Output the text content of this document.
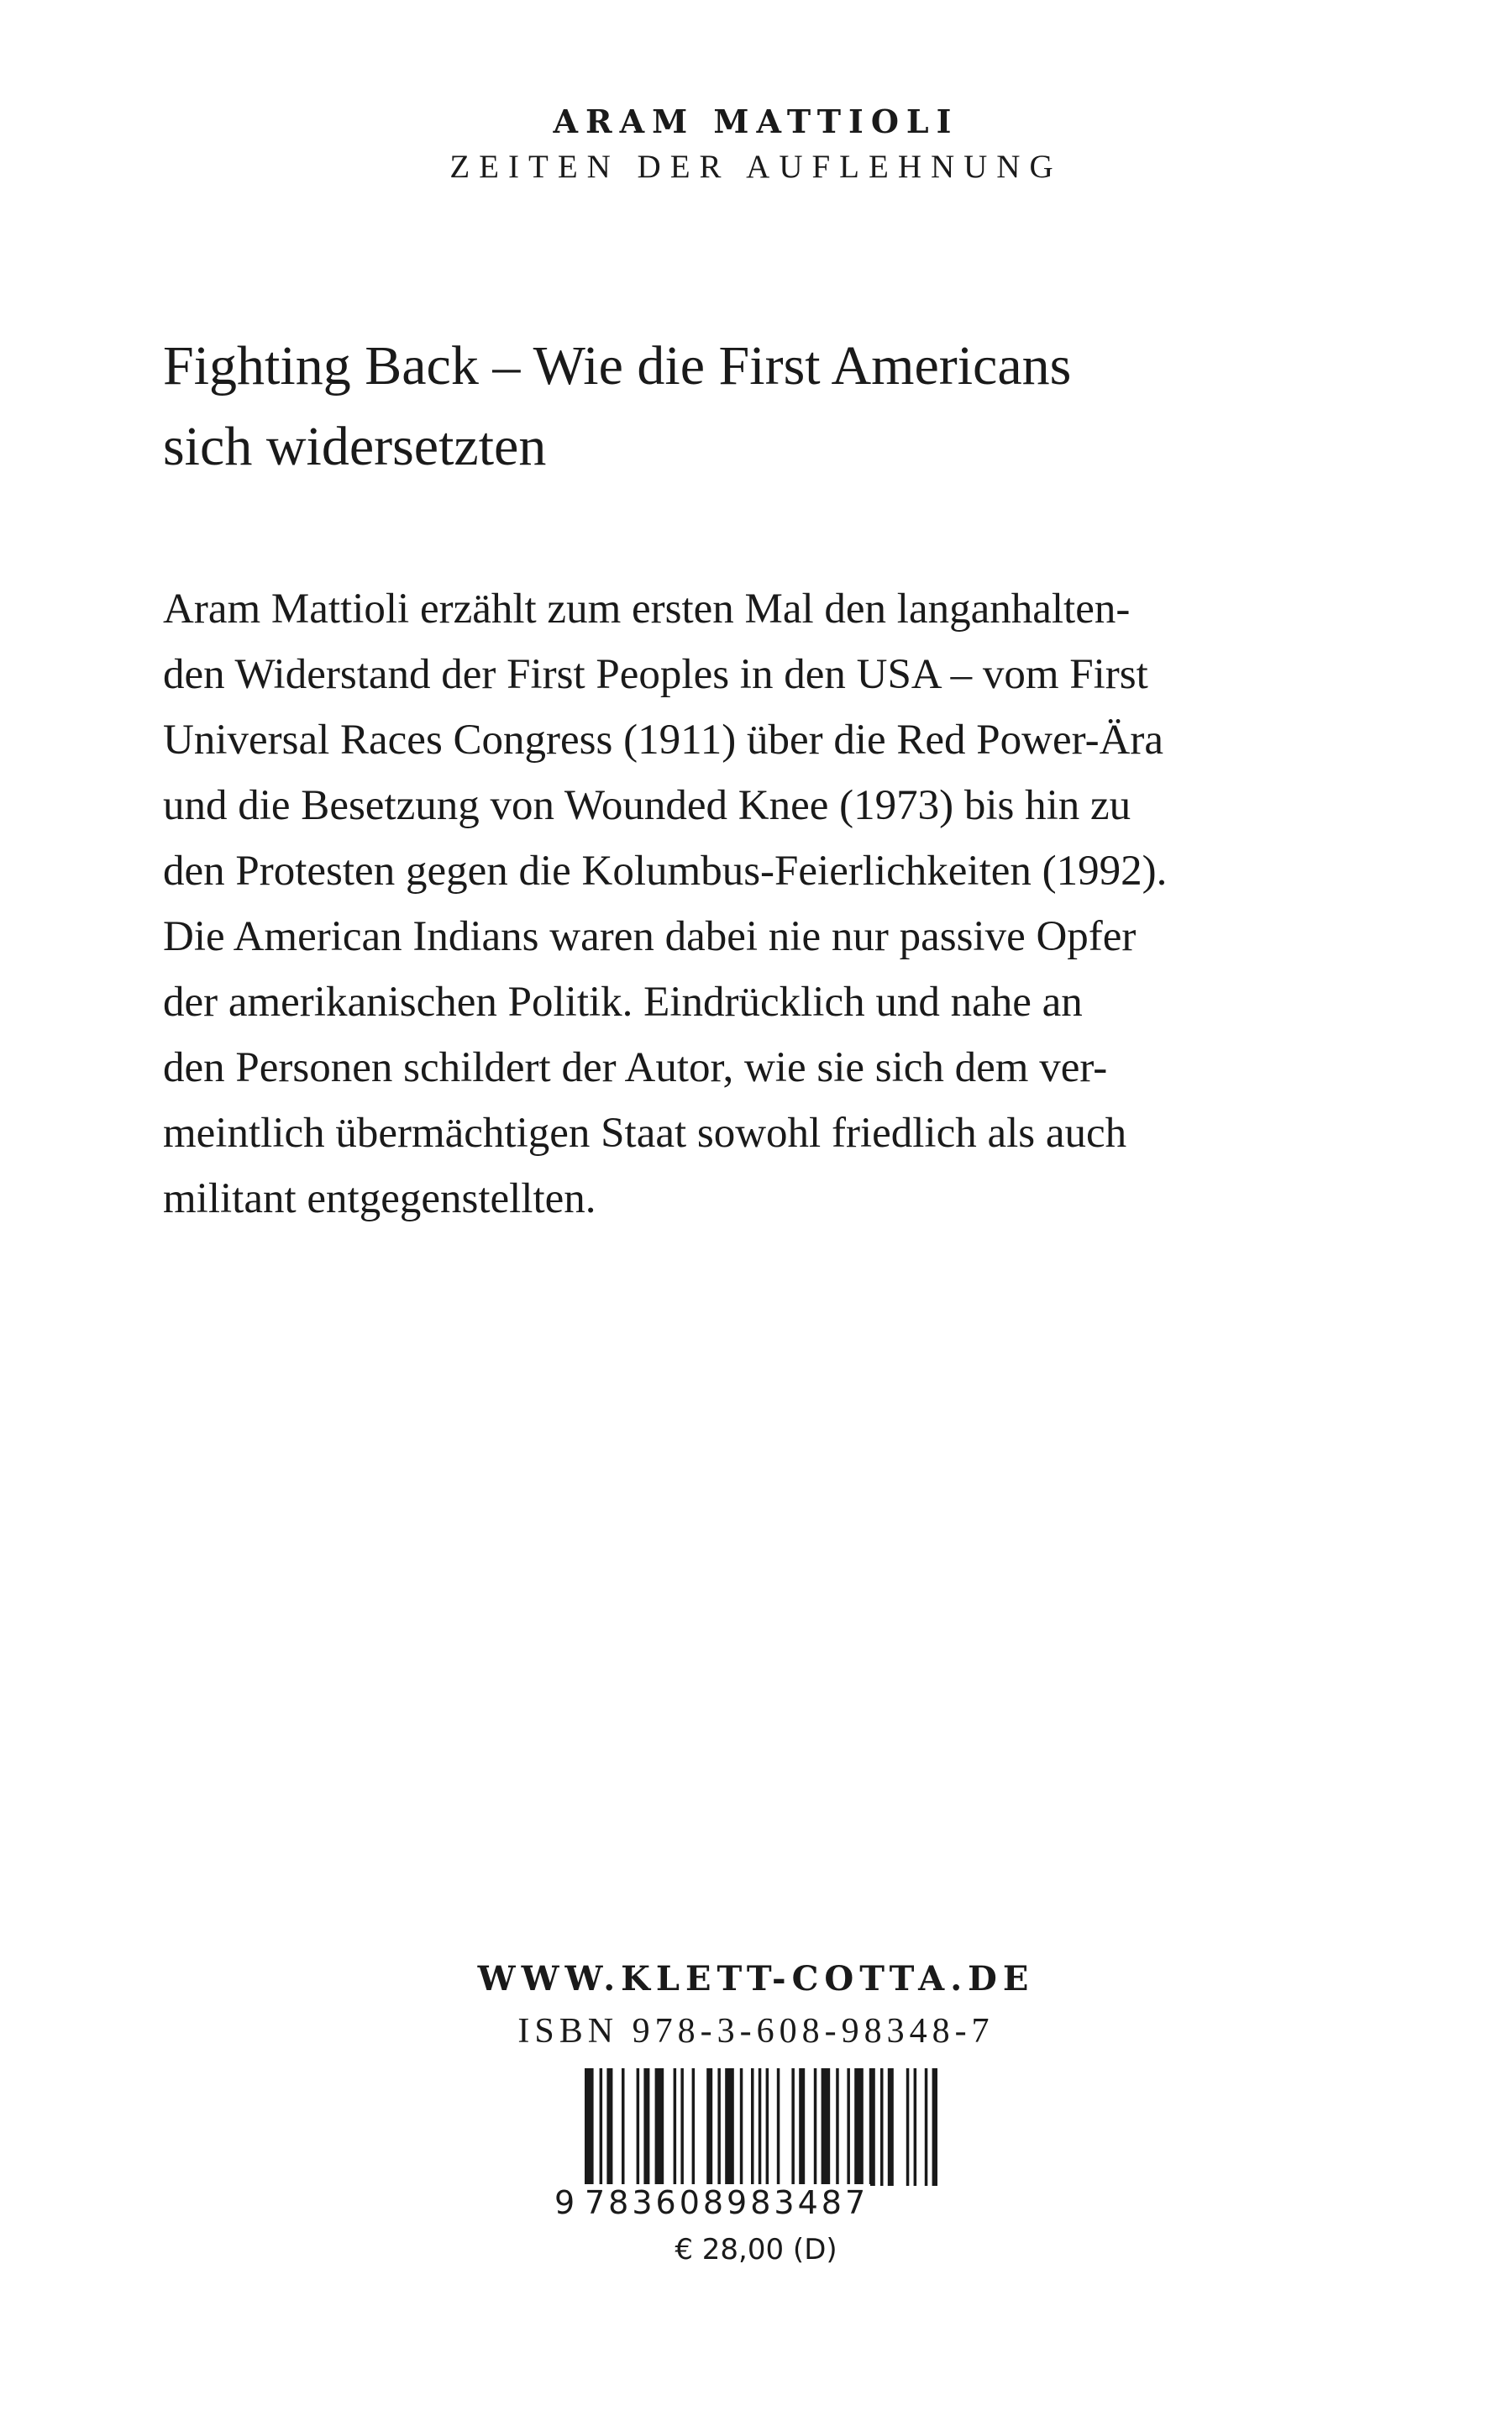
ARAM MATTIOLI

ZEITEN DER AUFLEHNUNG

Fighting Back – Wie die First Americans
sich widersetzten

Aram Mattioli erzählt zum ersten Mal den langanhalten-
den Widerstand der First Peoples in den USA – vom First
Universal Races Congress (1911) über die Red Power-Ära
und die Besetzung von Wounded Knee (1973) bis hin zu
den Protesten gegen die Kolumbus-Feierlichkeiten (1992).
Die American Indians waren dabei nie nur passive Opfer
der amerikanischen Politik. Eindrücklich und nahe an
den Personen schildert der Autor, wie sie sich dem ver-
meintlich übermächtigen Staat sowohl friedlich als auch
militant entgegenstellten.

WWW.KLETT-COTTA.DE

ISBN 978-3-608-98348-7

9 783608983487
€ 28,00 (D)
